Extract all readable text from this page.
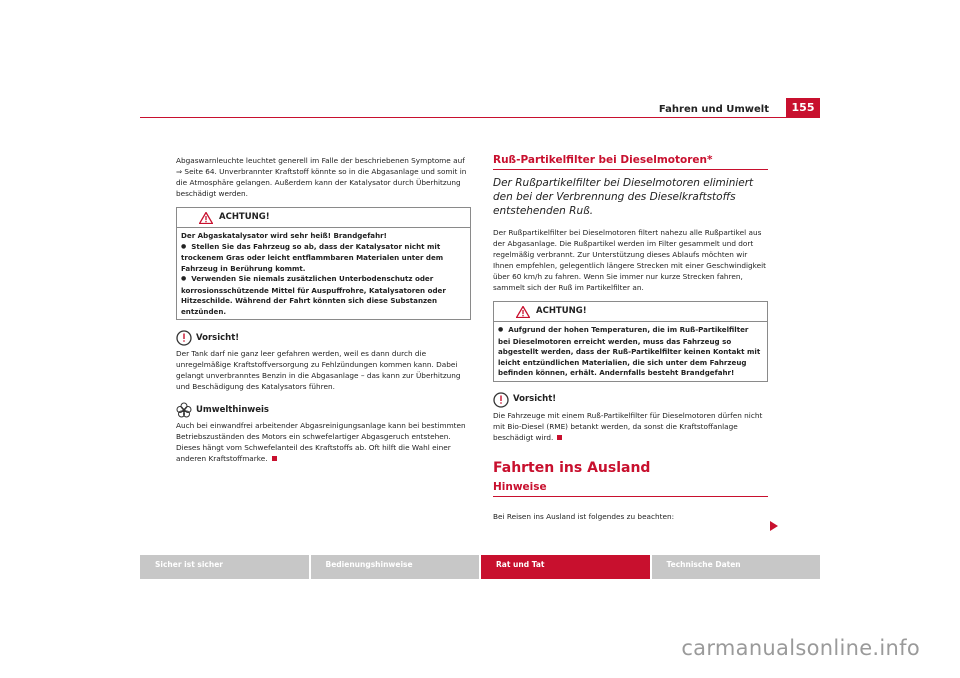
Fahren und Umwelt	155

Abgaswarnleuchte leuchtet generell im Falle der beschriebenen Symptome auf ⇒ Seite 64. Unverbrannter Kraftstoff könnte so in die Abgasanlage und somit in die Atmosphäre gelangen. Außerdem kann der Katalysator durch Überhitzung beschädigt werden.

ACHTUNG!

Der Abgaskatalysator wird sehr heiß! Brandgefahr!

● Stellen Sie das Fahrzeug so ab, dass der Katalysator nicht mit trockenem Gras oder leicht entflammbaren Materialen unter dem Fahrzeug in Berührung kommt.

● Verwenden Sie niemals zusätzlichen Unterbodenschutz oder korrosionsschützende Mittel für Auspuffrohre, Katalysatoren oder Hitzeschilde. Während der Fahrt könnten sich diese Substanzen entzünden.

Vorsicht!

Der Tank darf nie ganz leer gefahren werden, weil es dann durch die unregelmäßige Kraftstoffversorgung zu Fehlzündungen kommen kann. Dabei gelangt unverbranntes Benzin in die Abgasanlage – das kann zur Überhitzung und Beschädigung des Katalysators führen.

Umwelthinweis

Auch bei einwandfrei arbeitender Abgasreinigungsanlage kann bei bestimmten Betriebszuständen des Motors ein schwefelartiger Abgasgeruch entstehen. Dieses hängt vom Schwefelanteil des Kraftstoffs ab. Oft hilft die Wahl einer anderen Kraftstoffmarke.

Ruß-Partikelfilter bei Dieselmotoren*

Der Rußpartikelfilter bei Dieselmotoren eliminiert den bei der Verbrennung des Dieselkraftstoffs entstehenden Ruß.

Der Rußpartikelfilter bei Dieselmotoren filtert nahezu alle Rußpartikel aus der Abgasanlage. Die Rußpartikel werden im Filter gesammelt und dort regelmäßig verbrannt. Zur Unterstützung dieses Ablaufs möchten wir Ihnen empfehlen, gelegentlich längere Strecken mit einer Geschwindigkeit über 60 km/h zu fahren. Wenn Sie immer nur kurze Strecken fahren, sammelt sich der Ruß im Partikelfilter an.

ACHTUNG!

● Aufgrund der hohen Temperaturen, die im Ruß-Partikelfilter bei Dieselmotoren erreicht werden, muss das Fahrzeug so abgestellt werden, dass der Ruß-Partikelfilter keinen Kontakt mit leicht entzündlichen Materialien, die sich unter dem Fahrzeug befinden können, erhält. Andernfalls besteht Brandgefahr!

Vorsicht!

Die Fahrzeuge mit einem Ruß-Partikelfilter für Dieselmotoren dürfen nicht mit Bio-Diesel (RME) betankt werden, da sonst die Kraftstoffanlage beschädigt wird.

Fahrten ins Ausland
Hinweise

Bei Reisen ins Ausland ist folgendes zu beachten:

Sicher ist sicher	Bedienungshinweise	Rat und Tat	Technische Daten
carmanualsonline.info
